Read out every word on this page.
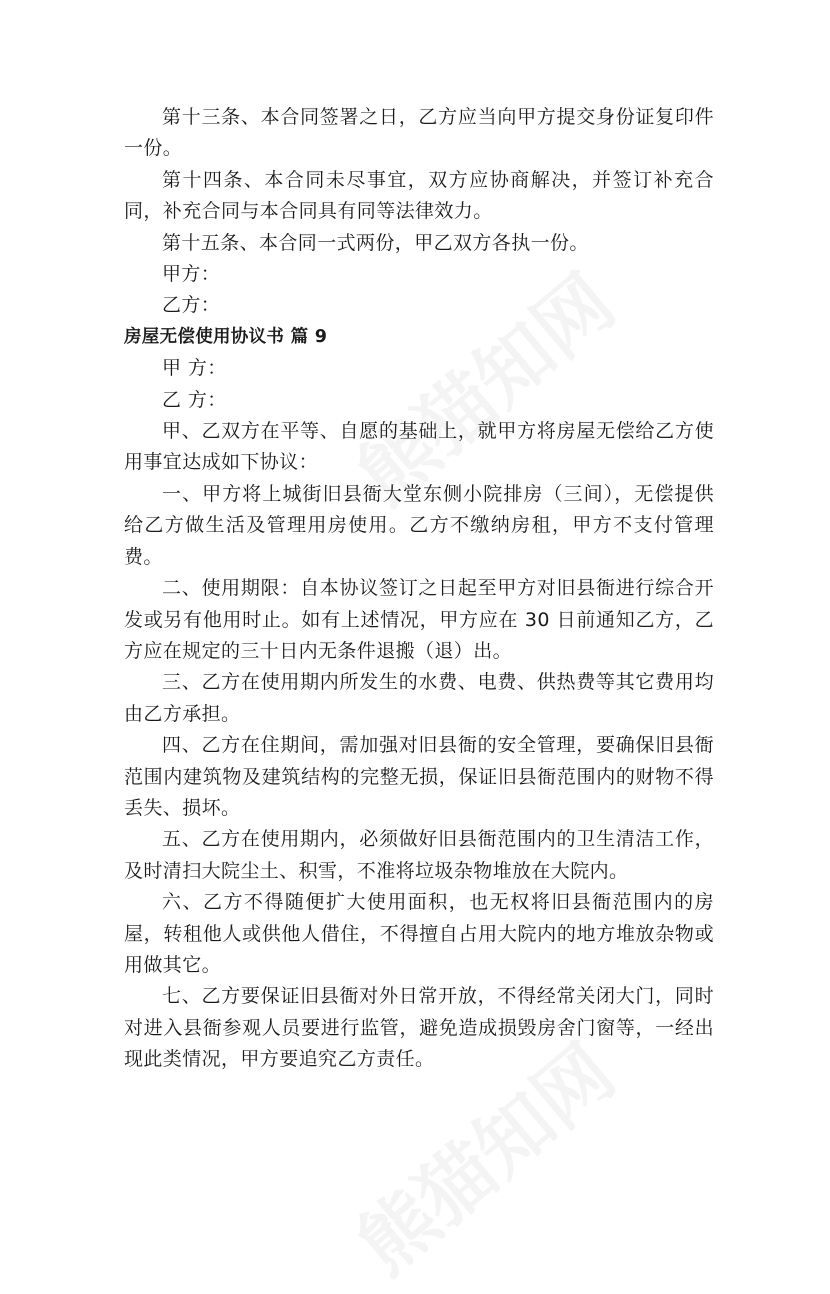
第十三条、本合同签署之日，乙方应当向甲方提交身份证复印件一份。

第十四条、本合同未尽事宜，双方应协商解决，并签订补充合同，补充合同与本合同具有同等法律效力。

第十五条、本合同一式两份，甲乙双方各执一份。

甲方：

乙方：

房屋无偿使用协议书 篇 9

甲 方：

乙 方：

甲、乙双方在平等、自愿的基础上，就甲方将房屋无偿给乙方使用事宜达成如下协议：

一、甲方将上城街旧县衙大堂东侧小院排房（三间），无偿提供给乙方做生活及管理用房使用。乙方不缴纳房租，甲方不支付管理费。

二、使用期限：自本协议签订之日起至甲方对旧县衙进行综合开发或另有他用时止。如有上述情况，甲方应在 30 日前通知乙方，乙方应在规定的三十日内无条件退搬（退）出。

三、乙方在使用期内所发生的水费、电费、供热费等其它费用均由乙方承担。

四、乙方在住期间，需加强对旧县衙的安全管理，要确保旧县衙范围内建筑物及建筑结构的完整无损，保证旧县衙范围内的财物不得丢失、损坏。

五、乙方在使用期内，必须做好旧县衙范围内的卫生清洁工作，及时清扫大院尘土、积雪，不准将垃圾杂物堆放在大院内。

六、乙方不得随便扩大使用面积，也无权将旧县衙范围内的房屋，转租他人或供他人借住，不得擅自占用大院内的地方堆放杂物或用做其它。

七、乙方要保证旧县衙对外日常开放，不得经常关闭大门，同时对进入县衙参观人员要进行监管，避免造成损毁房舍门窗等，一经出现此类情况，甲方要追究乙方责任。
